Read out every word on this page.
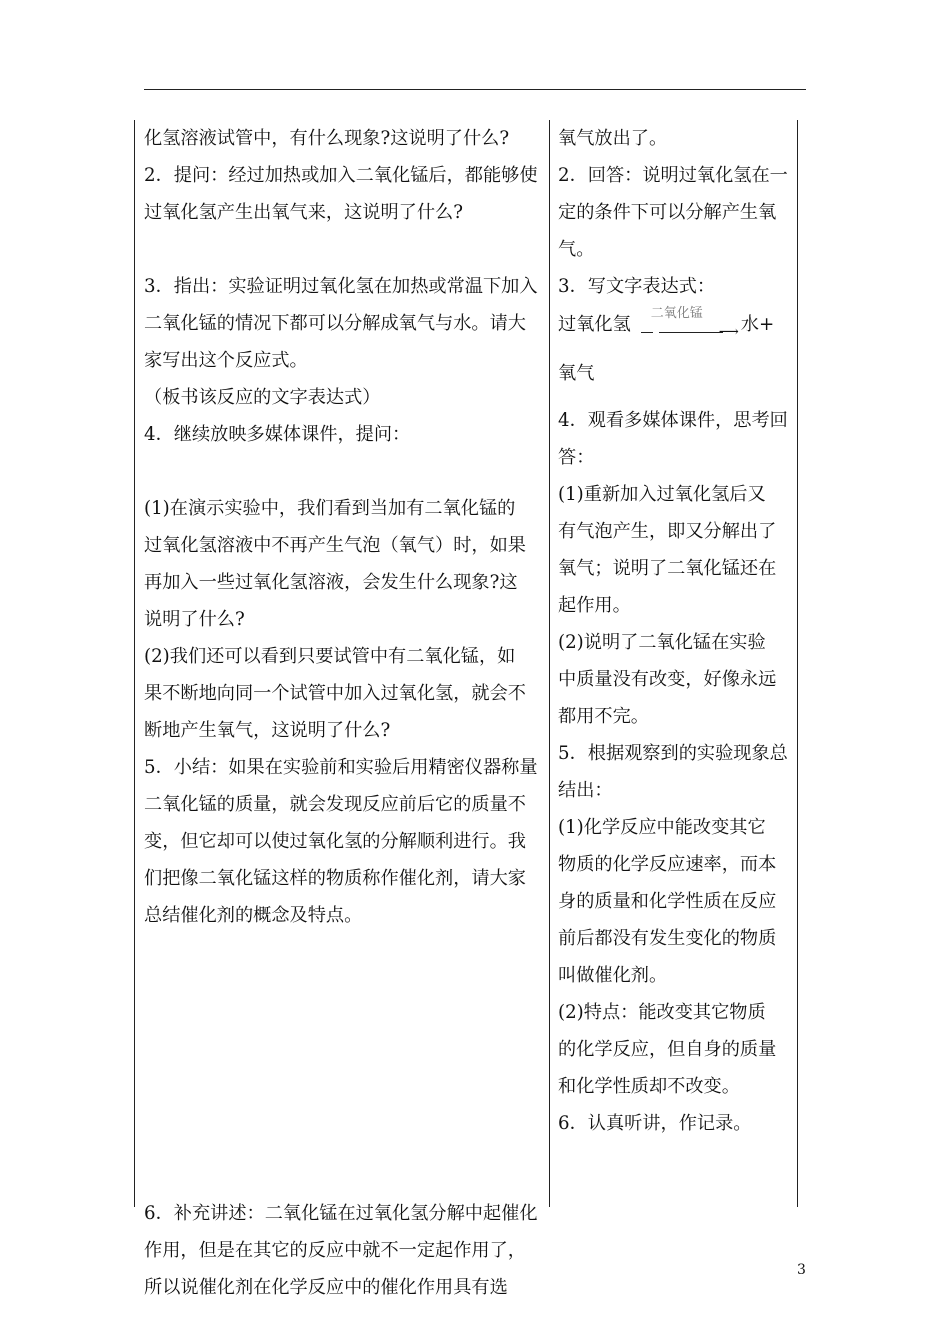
化氢溶液试管中，有什么现象?这说明了什么?
2．提问：经过加热或加入二氧化锰后，都能够使
过氧化氢产生出氧气来，这说明了什么?
3．指出：实验证明过氧化氢在加热或常温下加入
二氧化锰的情况下都可以分解成氧气与水。请大
家写出这个反应式。
（板书该反应的文字表达式）
4．继续放映多媒体课件，提问：
(1)在演示实验中，我们看到当加有二氧化锰的
过氧化氢溶液中不再产生气泡（氧气）时，如果
再加入一些过氧化氢溶液，会发生什么现象?这
说明了什么?
(2)我们还可以看到只要试管中有二氧化锰，如
果不断地向同一个试管中加入过氧化氢，就会不
断地产生氧气，这说明了什么?
5．小结：如果在实验前和实验后用精密仪器称量
二氧化锰的质量，就会发现反应前后它的质量不
变，但它却可以使过氧化氢的分解顺利进行。我
们把像二氧化锰这样的物质称作催化剂，请大家
总结催化剂的概念及特点。
6．补充讲述：二氧化锰在过氧化氢分解中起催化
作用，但是在其它的反应中就不一定起作用了，
所以说催化剂在化学反应中的催化作用具有选
氧气放出了。
2．回答：说明过氧化氢在一
定的条件下可以分解产生氧
气。
3．写文字表达式：
过氧化氢	⟶
二氧化锰
水+
氧气
4．观看多媒体课件，思考回
答：
(1)重新加入过氧化氢后又
有气泡产生，即又分解出了
氧气；说明了二氧化锰还在
起作用。
(2)说明了二氧化锰在实验
中质量没有改变，好像永远
都用不完。
5．根据观察到的实验现象总
结出：
(1)化学反应中能改变其它
物质的化学反应速率，而本
身的质量和化学性质在反应
前后都没有发生变化的物质
叫做催化剂。
(2)特点：能改变其它物质
的化学反应，但自身的质量
和化学性质却不改变。
6．认真听讲，作记录。
3
